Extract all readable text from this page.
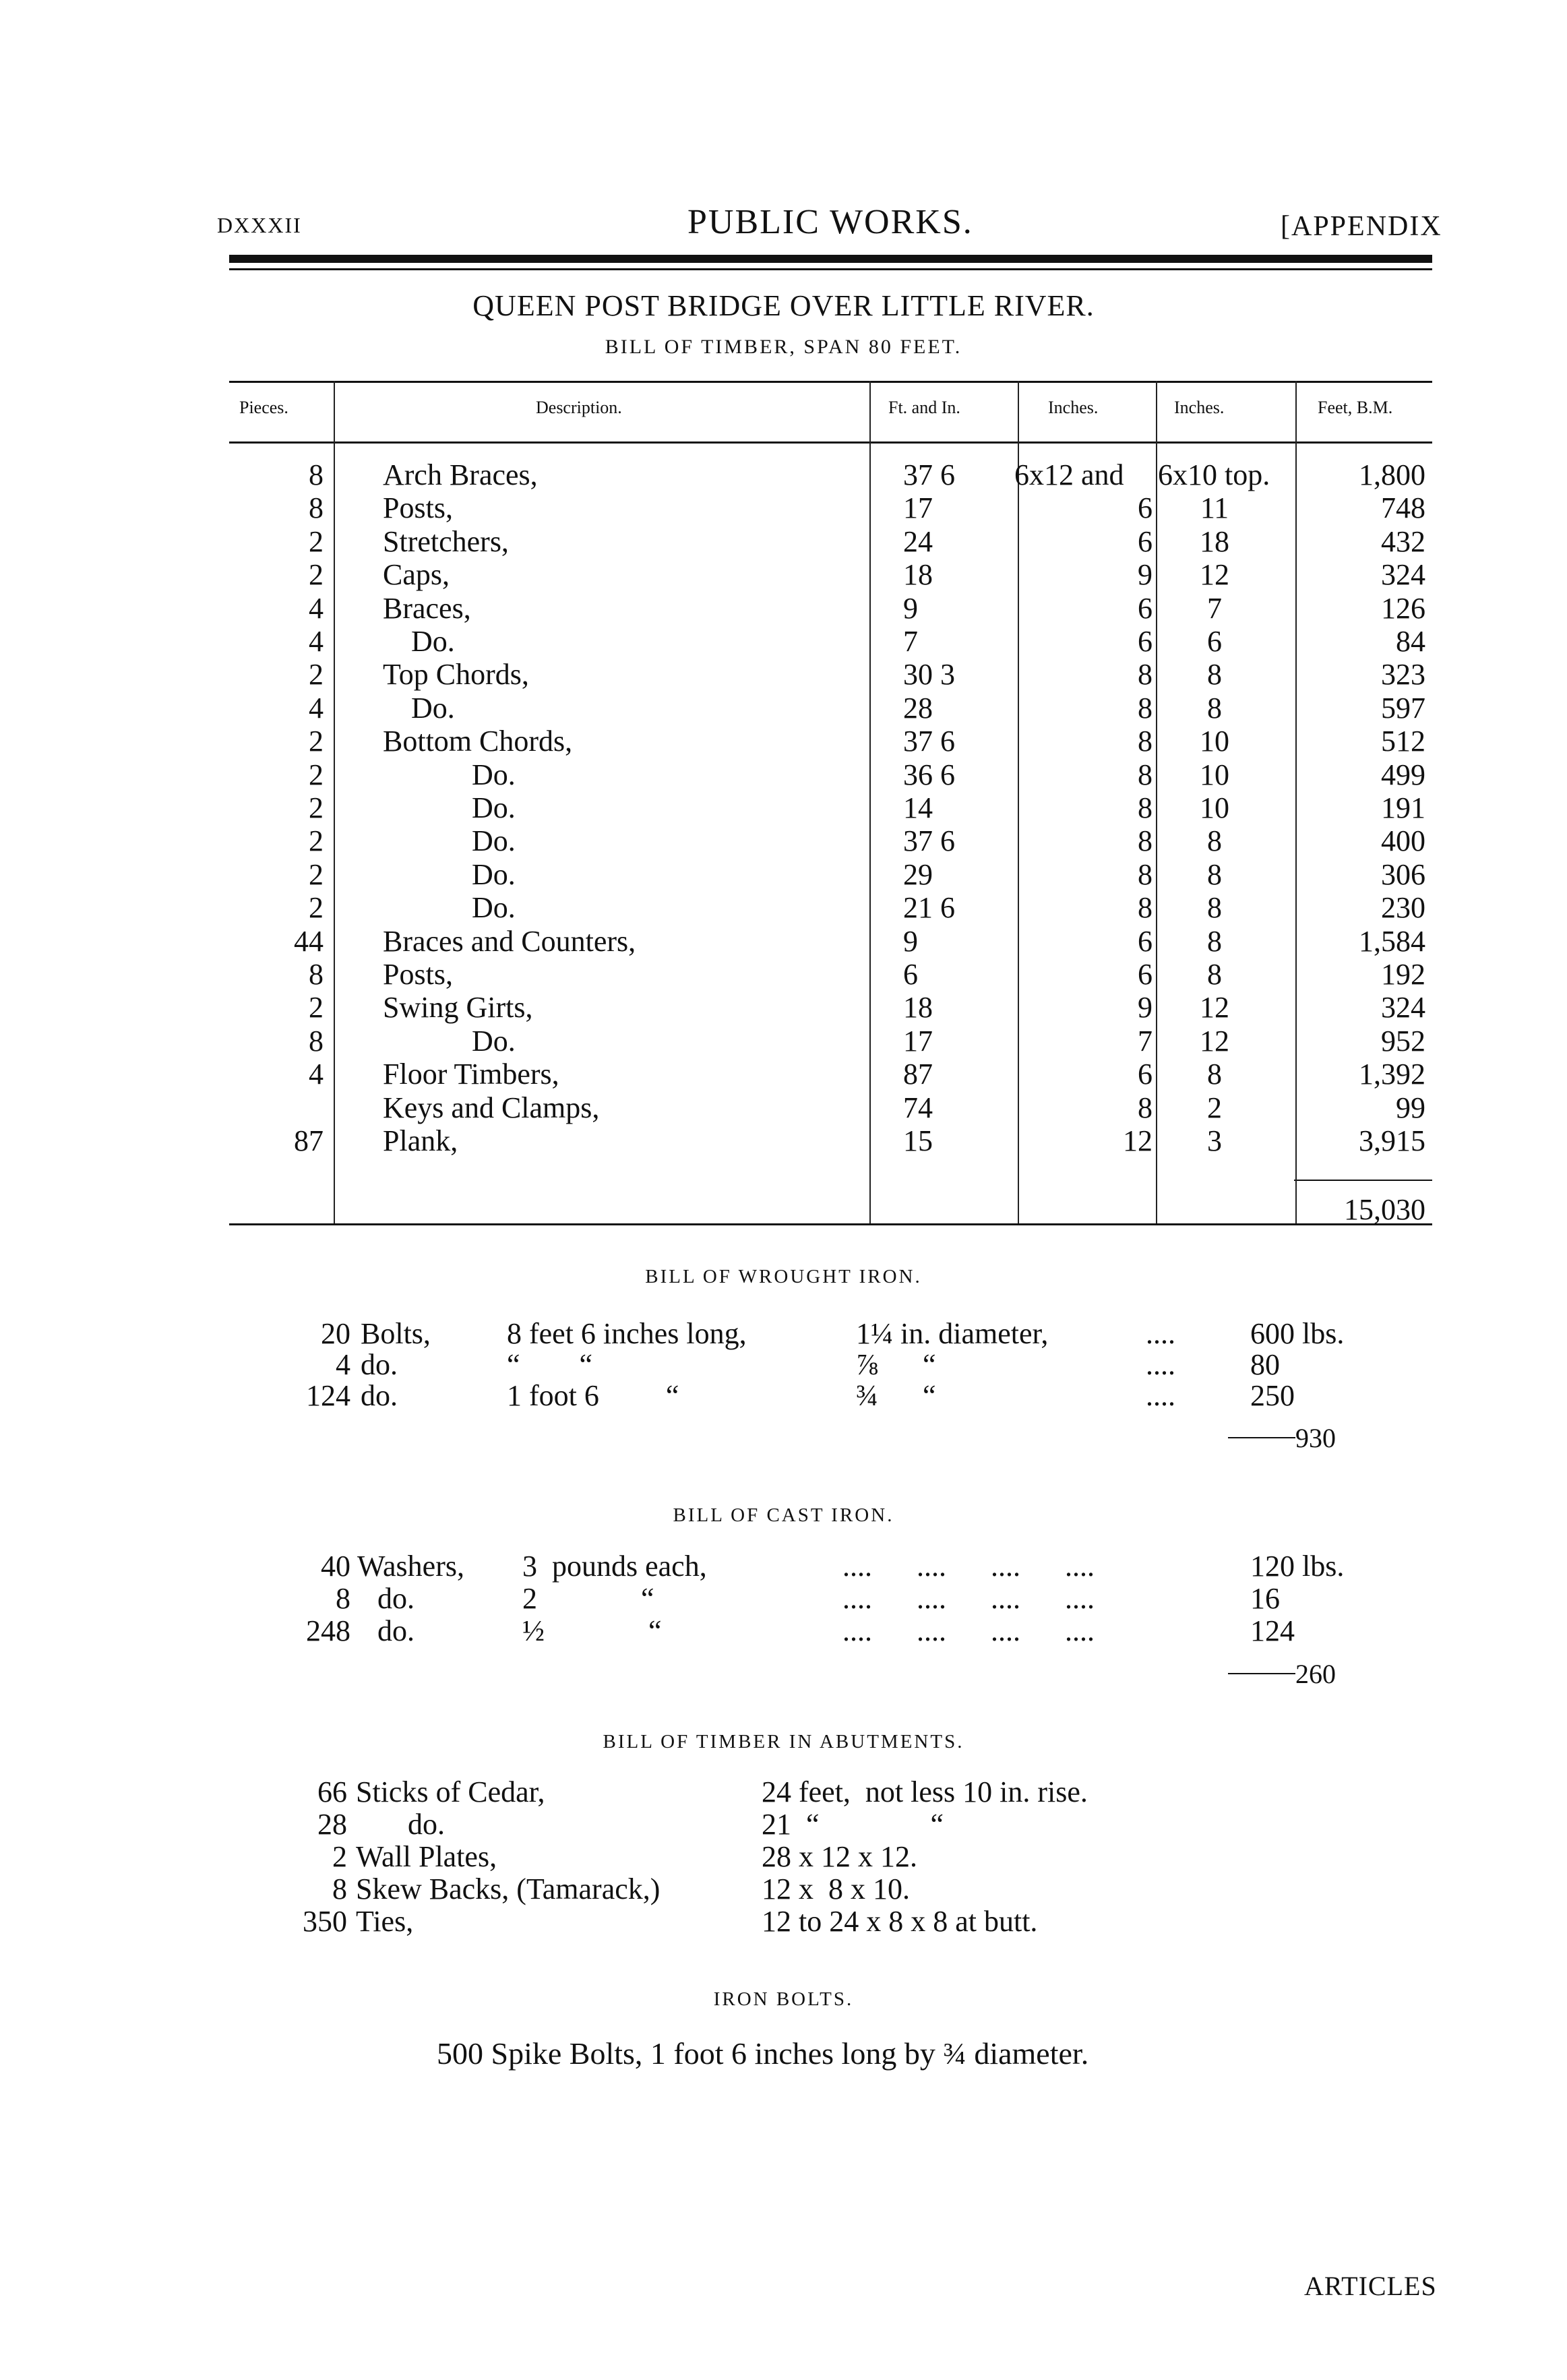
DXXXII	PUBLIC WORKS.	[APPENDIX
QUEEN POST BRIDGE OVER LITTLE RIVER.
BILL OF TIMBER, SPAN 80 FEET.
Pieces.	Description.	Ft. and In.	Inches.	Inches.	Feet, B.M.
8 Arch Braces,	37 6	6x12 and	6x10 top.	1,800
8 Posts,	17	6	11	748
2 Stretchers,	24	6	18	432
2 Caps,	18	9	12	324
4 Braces,	9	6	7	126
4	Do.	7	6	6	84
2 Top Chords,	30 3	8	8	323
4	Do.	28	8	8	597
2 Bottom Chords,	37 6	8	10	512
2	Do.	36 6	8	10	499
2	Do.	14	8	10	191
2	Do.	37 6	8	8	400
2	Do.	29	8	8	306
2	Do.	21 6	8	8	230
44 Braces and Counters,	9	6	8	1,584
8 Posts,	6	6	8	192
2 Swing Girts,	18	9	12	324
8	Do.	17	7	12	952
4 Floor Timbers,	87	6	8	1,392
Keys and Clamps,	74	8	2	99
87 Plank,	15	12	3	3,915
15,030
BILL OF WROUGHT IRON.
20 Bolts,	8 feet 6 inches long,	1¼ in. diameter,	....	600 lbs.
4 do.	“        “	⅞      “	....	80
124 do.	1 foot 6         “	¾      “	....	250
930
BILL OF CAST IRON.
40 Washers,	3  pounds each,	....      ....      ....      ....	120 lbs.
8 do.	2              “	....      ....      ....      ....	16
248 do.	½              “	....      ....      ....      ....	124
260
BILL OF TIMBER IN ABUTMENTS.
66 Sticks of Cedar,	24 feet,  not less 10 in. rise.
28 do.	21  “               “
2 Wall Plates,	28 x 12 x 12.
8 Skew Backs, (Tamarack,)	12 x  8 x 10.
350 Ties,	12 to 24 x 8 x 8 at butt.
IRON BOLTS.
500 Spike Bolts, 1 foot 6 inches long by ¾ diameter.
ARTICLES
